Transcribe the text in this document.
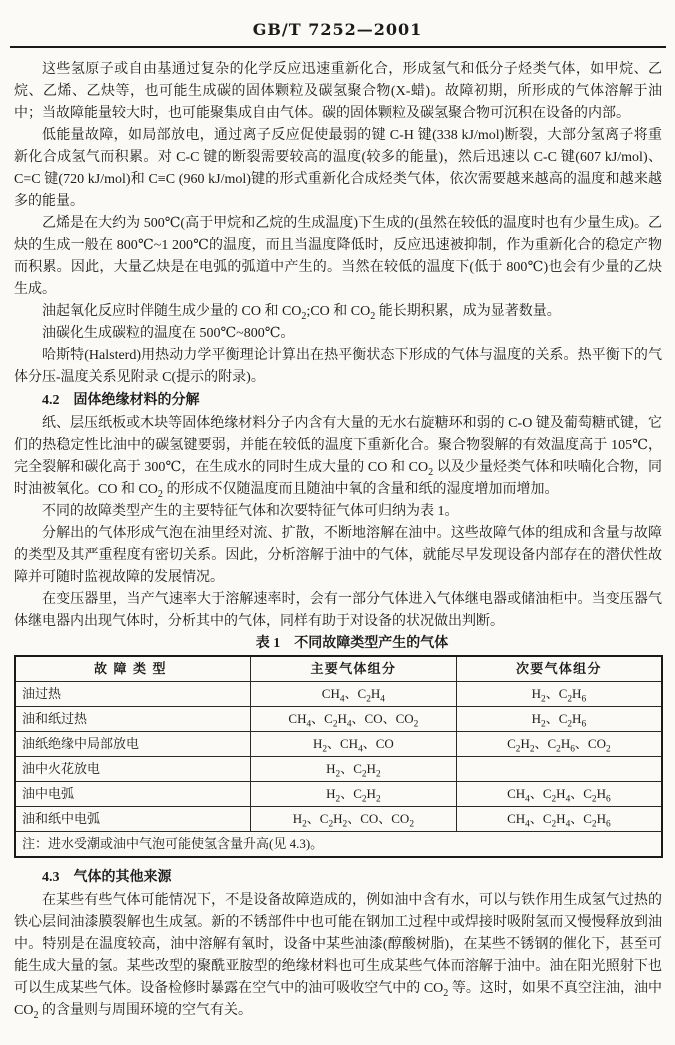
GB/T 7252—2001

这些氢原子或自由基通过复杂的化学反应迅速重新化合，形成氢气和低分子烃类气体，如甲烷、乙烷、乙烯、乙炔等，也可能生成碳的固体颗粒及碳氢聚合物(X-蜡)。故障初期，所形成的气体溶解于油中；当故障能量较大时，也可能聚集成自由气体。碳的固体颗粒及碳氢聚合物可沉积在设备的内部。

低能量故障，如局部放电，通过离子反应促使最弱的键 C-H 键(338 kJ/mol)断裂，大部分氢离子将重新化合成氢气而积累。对 C-C 键的断裂需要较高的温度(较多的能量)，然后迅速以 C-C 键(607 kJ/mol)、C=C 键(720 kJ/mol)和 C≡C (960 kJ/mol)键的形式重新化合成烃类气体，依次需要越来越高的温度和越来越多的能量。

乙烯是在大约为 500℃(高于甲烷和乙烷的生成温度)下生成的(虽然在较低的温度时也有少量生成)。乙炔的生成一般在 800℃~1 200℃的温度，而且当温度降低时，反应迅速被抑制，作为重新化合的稳定产物而积累。因此，大量乙炔是在电弧的弧道中产生的。当然在较低的温度下(低于 800℃)也会有少量的乙炔生成。

油起氧化反应时伴随生成少量的 CO 和 $CO_2;CO$ 和 $CO_2$ 能长期积累，成为显著数量。

油碳化生成碳粒的温度在 500℃~800℃。

哈斯特(Halsterd)用热动力学平衡理论计算出在热平衡状态下形成的气体与温度的关系。热平衡下的气体分压-温度关系见附录 C(提示的附录)。

4.2　固体绝缘材料的分解

纸、层压纸板或木块等固体绝缘材料分子内含有大量的无水右旋糖环和弱的 C-O 键及葡萄糖甙键，它们的热稳定性比油中的碳氢键要弱，并能在较低的温度下重新化合。聚合物裂解的有效温度高于 105℃，完全裂解和碳化高于 300℃，在生成水的同时生成大量的 CO 和 $CO_2$ 以及少量烃类气体和呋喃化合物，同时油被氧化。CO 和 $CO_2$ 的形成不仅随温度而且随油中氧的含量和纸的湿度增加而增加。

不同的故障类型产生的主要特征气体和次要特征气体可归纳为表 1。

分解出的气体形成气泡在油里经对流、扩散，不断地溶解在油中。这些故障气体的组成和含量与故障的类型及其严重程度有密切关系。因此，分析溶解于油中的气体，就能尽早发现设备内部存在的潜伏性故障并可随时监视故障的发展情况。

在变压器里，当产气速率大于溶解速率时，会有一部分气体进入气体继电器或储油柜中。当变压器气体继电器内出现气体时，分析其中的气体，同样有助于对设备的状况做出判断。

表 1　不同故障类型产生的气体

故障类型	主要气体组分	次要气体组分
油过热	$CH_4$、$C_2H_4$	$H_2$、$C_2H_6$
油和纸过热	$CH_4$、$C_2H_4$、CO、$CO_2$	$H_2$、$C_2H_6$
油纸绝缘中局部放电	$H_2$、$CH_4$、CO	$C_2H_2$、$C_2H_6$、$CO_2$
油中火花放电	$H_2$、$C_2H_2$	
油中电弧	$H_2$、$C_2H_2$	$CH_4$、$C_2H_4$、$C_2H_6$
油和纸中电弧	$H_2$、$C_2H_2$、CO、$CO_2$	$CH_4$、$C_2H_4$、$C_2H_6$
注：进水受潮或油中气泡可能使氢含量升高(见 4.3)。		

4.3　气体的其他来源

在某些有些气体可能情况下，不是设备故障造成的，例如油中含有水，可以与铁作用生成氢气过热的铁心层间油漆膜裂解也生成氢。新的不锈部件中也可能在钢加工过程中或焊接时吸附氢而又慢慢释放到油中。特别是在温度较高，油中溶解有氧时，设备中某些油漆(醇酸树脂)，在某些不锈钢的催化下，甚至可能生成大量的氢。某些改型的聚酰亚胺型的绝缘材料也可生成某些气体而溶解于油中。油在阳光照射下也可以生成某些气体。设备检修时暴露在空气中的油可吸收空气中的 $CO_2$ 等。这时，如果不真空注油，油中 $CO_2$ 的含量则与周围环境的空气有关。
